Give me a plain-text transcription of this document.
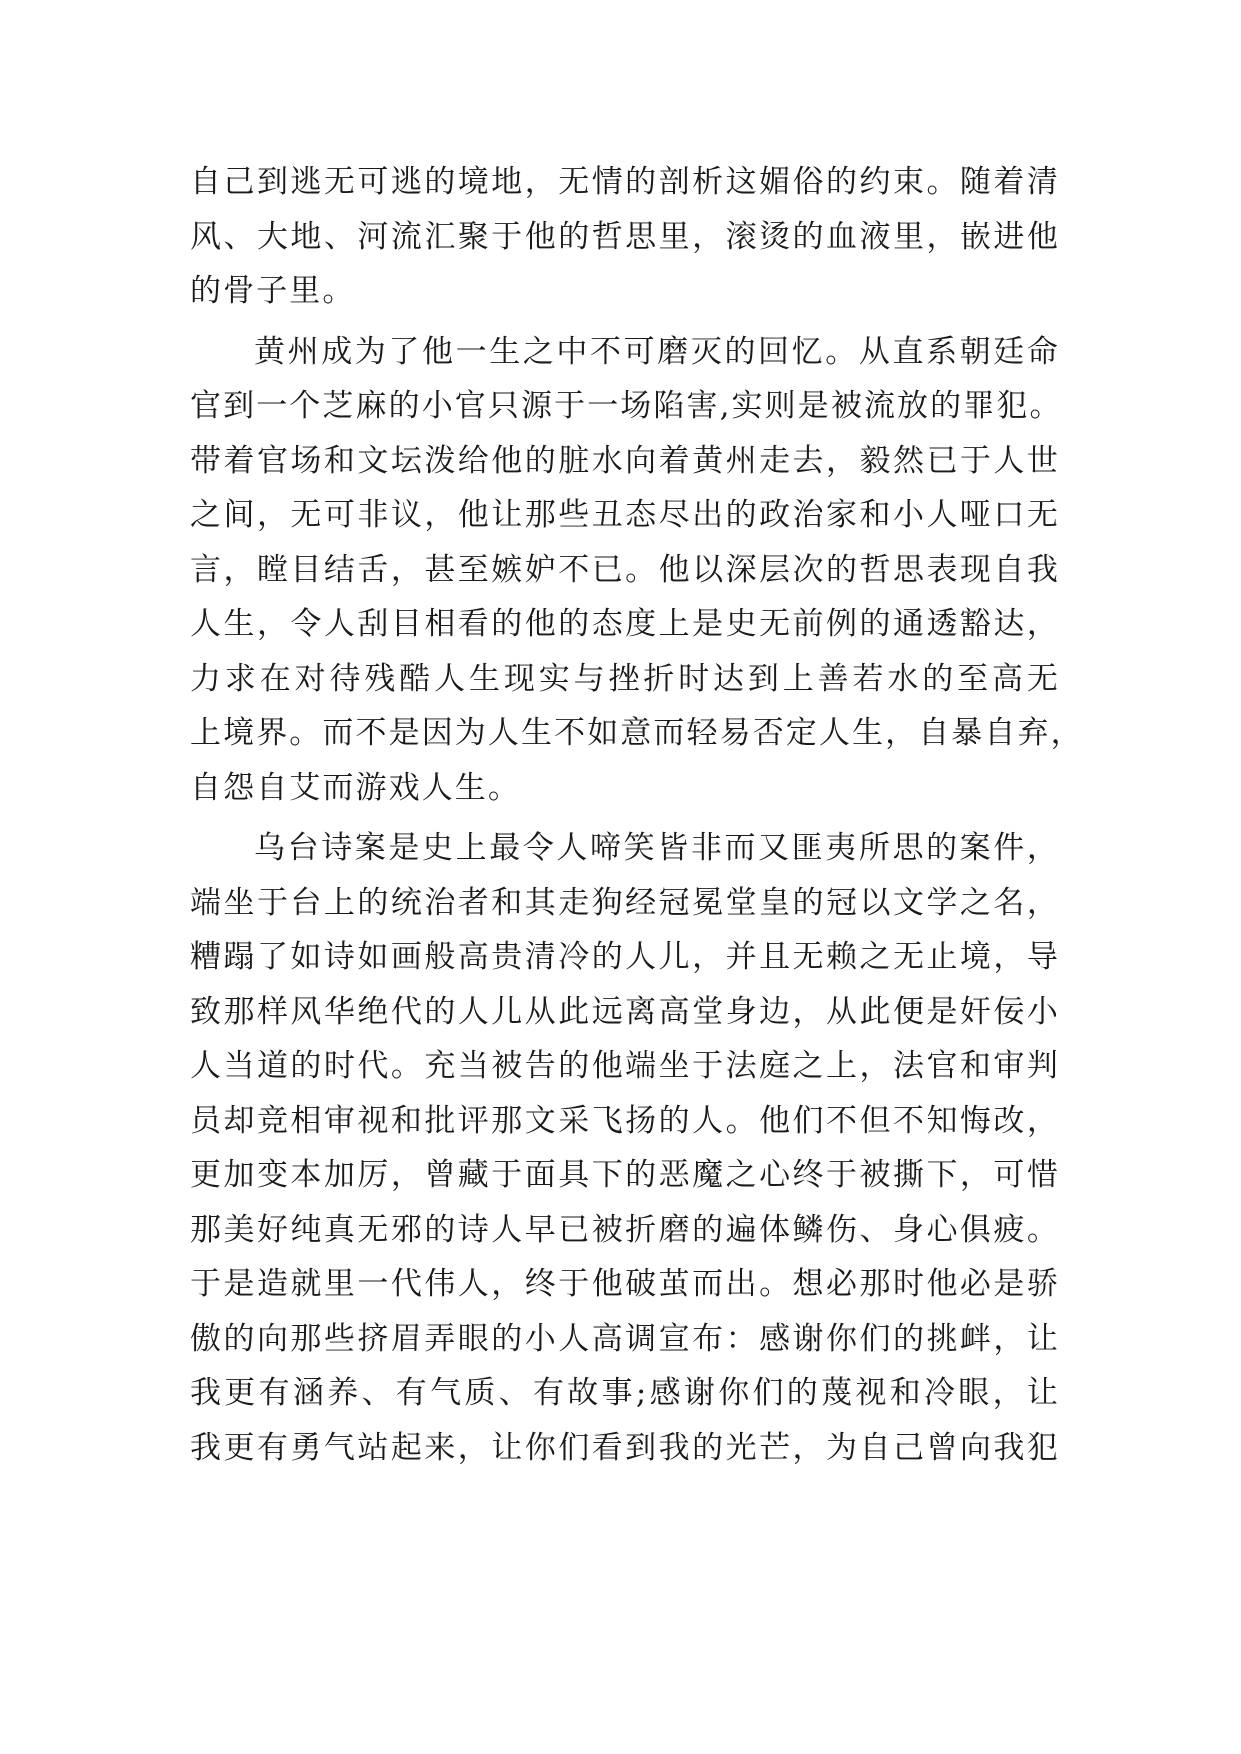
自己到逃无可逃的境地，无情的剖析这媚俗的约束。随着清
风、大地、河流汇聚于他的哲思里，滚烫的血液里，嵌进他
的骨子里。
黄州成为了他一生之中不可磨灭的回忆。从直系朝廷命
官到一个芝麻的小官只源于一场陷害,实则是被流放的罪犯。
带着官场和文坛泼给他的脏水向着黄州走去，毅然已于人世
之间，无可非议，他让那些丑态尽出的政治家和小人哑口无
言，瞠目结舌，甚至嫉妒不已。他以深层次的哲思表现自我
人生，令人刮目相看的他的态度上是史无前例的通透豁达，
力求在对待残酷人生现实与挫折时达到上善若水的至高无
上境界。而不是因为人生不如意而轻易否定人生，自暴自弃，
自怨自艾而游戏人生。
乌台诗案是史上最令人啼笑皆非而又匪夷所思的案件，
端坐于台上的统治者和其走狗经冠冕堂皇的冠以文学之名，
糟蹋了如诗如画般高贵清冷的人儿，并且无赖之无止境，导
致那样风华绝代的人儿从此远离高堂身边，从此便是奸佞小
人当道的时代。充当被告的他端坐于法庭之上，法官和审判
员却竞相审视和批评那文采飞扬的人。他们不但不知悔改，
更加变本加厉，曾藏于面具下的恶魔之心终于被撕下，可惜
那美好纯真无邪的诗人早已被折磨的遍体鳞伤、身心俱疲。
于是造就里一代伟人，终于他破茧而出。想必那时他必是骄
傲的向那些挤眉弄眼的小人高调宣布：感谢你们的挑衅，让
我更有涵养、有气质、有故事;感谢你们的蔑视和冷眼，让
我更有勇气站起来，让你们看到我的光芒，为自己曾向我犯
